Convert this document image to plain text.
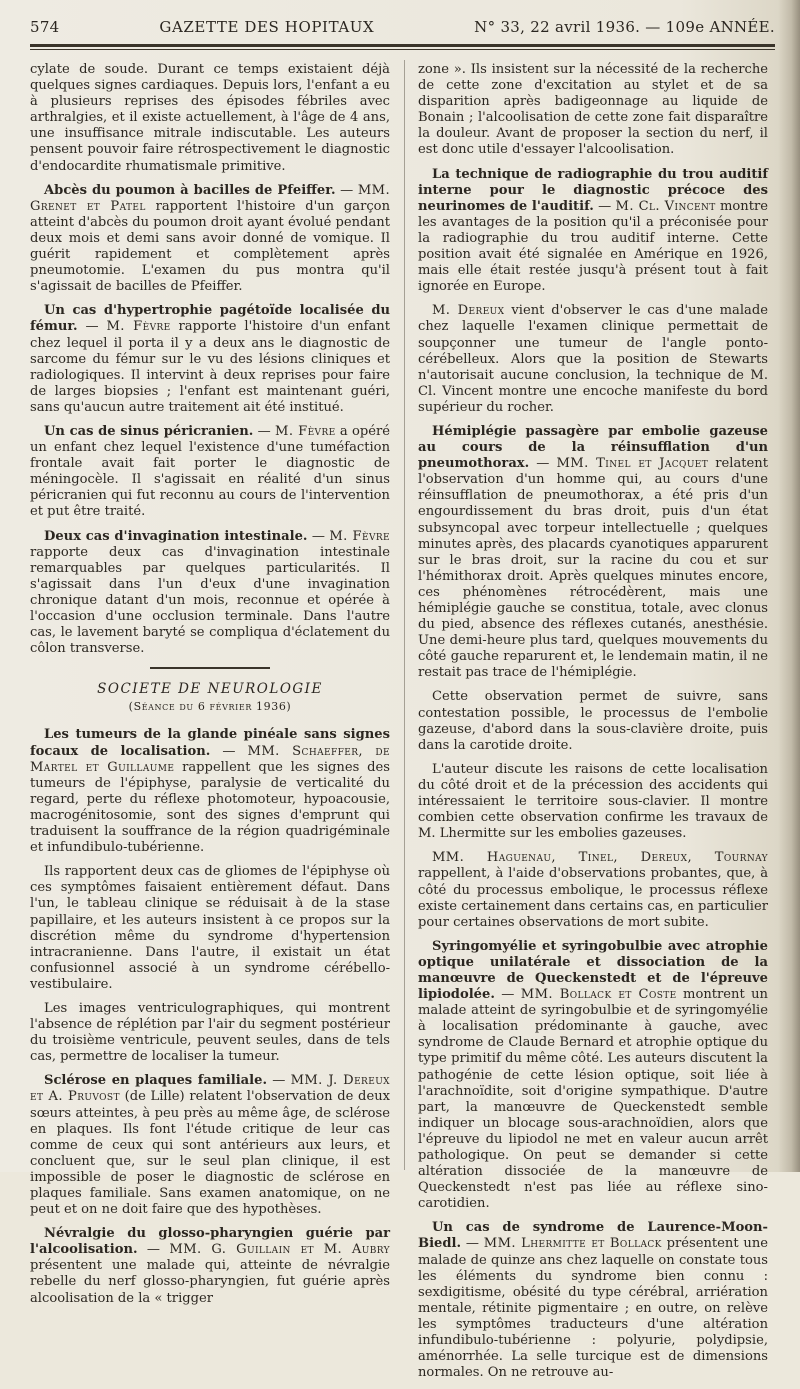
574	GAZETTE DES HOPITAUX	N° 33, 22 avril 1936. — 109e ANNÉE.

cylate de soude. Durant ce temps existaient déjà quelques signes cardiaques. Depuis lors, l'enfant a eu à plusieurs reprises des épisodes fébriles avec arthralgies, et il existe actuellement, à l'âge de 4 ans, une insuffisance mitrale indiscutable. Les auteurs pensent pouvoir faire rétrospectivement le diagnostic d'endocardite rhumatismale primitive.

Abcès du poumon à bacilles de Pfeiffer. — MM. Grenet et Patel rapportent l'histoire d'un garçon atteint d'abcès du poumon droit ayant évolué pendant deux mois et demi sans avoir donné de vomique. Il guérit rapidement et complètement après pneumotomie. L'examen du pus montra qu'il s'agissait de bacilles de Pfeiffer.

Un cas d'hypertrophie pagétoïde localisée du fémur. — M. Fèvre rapporte l'histoire d'un enfant chez lequel il porta il y a deux ans le diagnostic de sarcome du fémur sur le vu des lésions cliniques et radiologiques. Il intervint à deux reprises pour faire de larges biopsies ; l'enfant est maintenant guéri, sans qu'aucun autre traitement ait été institué.

Un cas de sinus péricranien. — M. Fèvre a opéré un enfant chez lequel l'existence d'une tuméfaction frontale avait fait porter le diagnostic de méningocèle. Il s'agissait en réalité d'un sinus péricranien qui fut reconnu au cours de l'intervention et put être traité.

Deux cas d'invagination intestinale. — M. Fèvre rapporte deux cas d'invagination intestinale remarquables par quelques particularités. Il s'agissait dans l'un d'eux d'une invagination chronique datant d'un mois, reconnue et opérée à l'occasion d'une occlusion terminale. Dans l'autre cas, le lavement baryté se compliqua d'éclatement du côlon transverse.

SOCIETE DE NEUROLOGIE
(Séance du 6 février 1936)

Les tumeurs de la glande pinéale sans signes focaux de localisation. — MM. Schaeffer, de Martel et Guillaume rappellent que les signes des tumeurs de l'épiphyse, paralysie de verticalité du regard, perte du réflexe photomoteur, hypoacousie, macrogénitosomie, sont des signes d'emprunt qui traduisent la souffrance de la région quadrigéminale et infundibulo-tubérienne.

Ils rapportent deux cas de gliomes de l'épiphyse où ces symptômes faisaient entièrement défaut. Dans l'un, le tableau clinique se réduisait à de la stase papillaire, et les auteurs insistent à ce propos sur la discrétion même du syndrome d'hypertension intracranienne. Dans l'autre, il existait un état confusionnel associé à un syndrome cérébello-vestibulaire.

Les images ventriculographiques, qui montrent l'absence de réplétion par l'air du segment postérieur du troisième ventricule, peuvent seules, dans de tels cas, permettre de localiser la tumeur.

Sclérose en plaques familiale. — MM. J. Dereux et A. Pruvost (de Lille) relatent l'observation de deux sœurs atteintes, à peu près au même âge, de sclérose en plaques. Ils font l'étude critique de leur cas comme de ceux qui sont antérieurs aux leurs, et concluent que, sur le seul plan clinique, il est impossible de poser le diagnostic de sclérose en plaques familiale. Sans examen anatomique, on ne peut et on ne doit faire que des hypothèses.

Névralgie du glosso-pharyngien guérie par l'alcoolisation. — MM. G. Guillain et M. Aubry présentent une malade qui, atteinte de névralgie rebelle du nerf glosso-pharyngien, fut guérie après alcoolisation de la « trigger

zone ». Ils insistent sur la nécessité de la recherche de cette zone d'excitation au stylet et de sa disparition après badigeonnage au liquide de Bonain ; l'alcoolisation de cette zone fait disparaître la douleur. Avant de proposer la section du nerf, il est donc utile d'essayer l'alcoolisation.

La technique de radiographie du trou auditif interne pour le diagnostic précoce des neurinomes de l'auditif. — M. Cl. Vincent montre les avantages de la position qu'il a préconisée pour la radiographie du trou auditif interne. Cette position avait été signalée en Amérique en 1926, mais elle était restée jusqu'à présent tout à fait ignorée en Europe.

M. Dereux vient d'observer le cas d'une malade chez laquelle l'examen clinique permettait de soupçonner une tumeur de l'angle ponto-cérébelleux. Alors que la position de Stewarts n'autorisait aucune conclusion, la technique de M. Cl. Vincent montre une encoche manifeste du bord supérieur du rocher.

Hémiplégie passagère par embolie gazeuse au cours de la réinsufflation d'un pneumothorax. — MM. Tinel et Jacquet relatent l'observation d'un homme qui, au cours d'une réinsufflation de pneumothorax, a été pris d'un engourdissement du bras droit, puis d'un état subsyncopal avec torpeur intellectuelle ; quelques minutes après, des placards cyanotiques apparurent sur le bras droit, sur la racine du cou et sur l'hémithorax droit. Après quelques minutes encore, ces phénomènes rétrocédèrent, mais une hémiplégie gauche se constitua, totale, avec clonus du pied, absence des réflexes cutanés, anesthésie. Une demi-heure plus tard, quelques mouvements du côté gauche reparurent et, le lendemain matin, il ne restait pas trace de l'hémiplégie.

Cette observation permet de suivre, sans contestation possible, le processus de l'embolie gazeuse, d'abord dans la sous-clavière droite, puis dans la carotide droite.

L'auteur discute les raisons de cette localisation du côté droit et de la précession des accidents qui intéressaient le territoire sous-clavier. Il montre combien cette observation confirme les travaux de M. Lhermitte sur les embolies gazeuses.

MM. Haguenau, Tinel, Dereux, Tournay rappellent, à l'aide d'observations probantes, que, à côté du processus embolique, le processus réflexe existe certainement dans certains cas, en particulier pour certaines observations de mort subite.

Syringomyélie et syringobulbie avec atrophie optique unilatérale et dissociation de la manœuvre de Queckenstedt et de l'épreuve lipiodolée. — MM. Bollack et Coste montrent un malade atteint de syringobulbie et de syringomyélie à localisation prédominante à gauche, avec syndrome de Claude Bernard et atrophie optique du type primitif du même côté. Les auteurs discutent la pathogénie de cette lésion optique, soit liée à l'arachnoïdite, soit d'origine sympathique. D'autre part, la manœuvre de Queckenstedt semble indiquer un blocage sous-arachnoïdien, alors que l'épreuve du lipiodol ne met en valeur aucun arrêt pathologique. On peut se demander si cette altération dissociée de la manœuvre de Queckenstedt n'est pas liée au réflexe sino-carotidien.

Un cas de syndrome de Laurence-Moon-Biedl. — MM. Lhermitte et Bollack présentent une malade de quinze ans chez laquelle on constate tous les éléments du syndrome bien connu : sexdigitisme, obésité du type cérébral, arriération mentale, rétinite pigmentaire ; en outre, on relève les symptômes traducteurs d'une altération infundibulo-tubérienne : polyurie, polydipsie, aménorrhée. La selle turcique est de dimensions normales. On ne retrouve au-
